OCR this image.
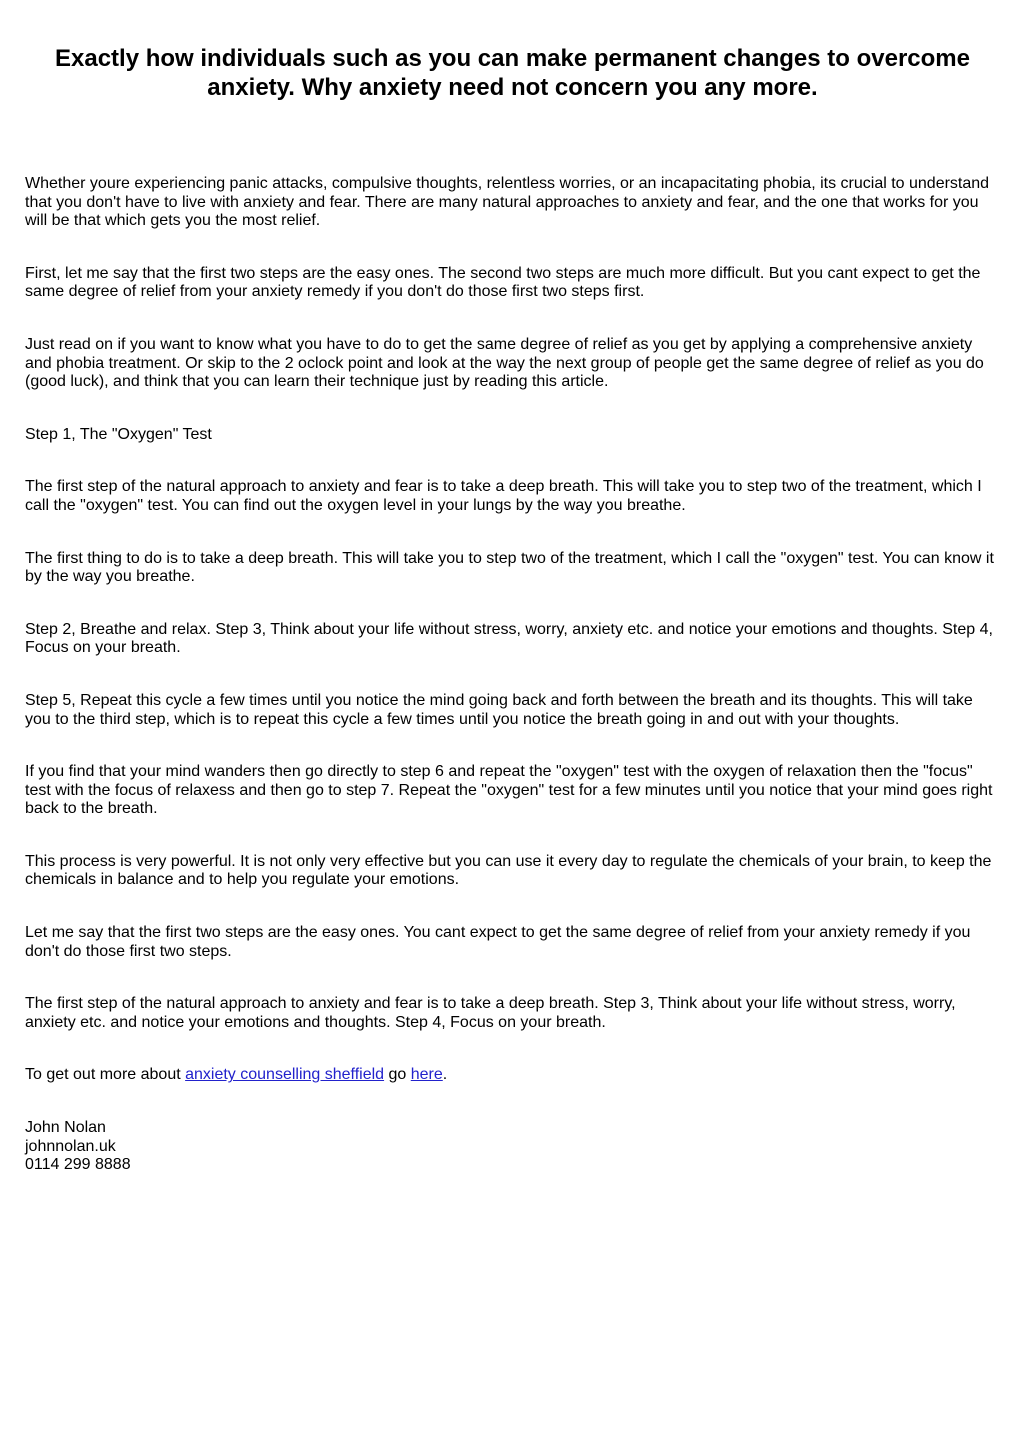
Exactly how individuals such as you can make permanent changes to overcome anxiety. Why anxiety need not concern you any more.

Whether youre experiencing panic attacks, compulsive thoughts, relentless worries, or an incapacitating phobia, its crucial to understand that you don't have to live with anxiety and fear. There are many natural approaches to anxiety and fear, and the one that works for you will be that which gets you the most relief.

First, let me say that the first two steps are the easy ones. The second two steps are much more difficult. But you cant expect to get the same degree of relief from your anxiety remedy if you don't do those first two steps first.

Just read on if you want to know what you have to do to get the same degree of relief as you get by applying a comprehensive anxiety and phobia treatment. Or skip to the 2 oclock point and look at the way the next group of people get the same degree of relief as you do (good luck), and think that you can learn their technique just by reading this article.

Step 1, The "Oxygen" Test

The first step of the natural approach to anxiety and fear is to take a deep breath. This will take you to step two of the treatment, which I call the "oxygen" test. You can find out the oxygen level in your lungs by the way you breathe.

The first thing to do is to take a deep breath. This will take you to step two of the treatment, which I call the "oxygen" test. You can know it by the way you breathe.

Step 2, Breathe and relax. Step 3, Think about your life without stress, worry, anxiety etc. and notice your emotions and thoughts. Step 4, Focus on your breath.

Step 5, Repeat this cycle a few times until you notice the mind going back and forth between the breath and its thoughts. This will take you to the third step, which is to repeat this cycle a few times until you notice the breath going in and out with your thoughts.

If you find that your mind wanders then go directly to step 6 and repeat the "oxygen" test with the oxygen of relaxation then the "focus" test with the focus of relaxess and then go to step 7. Repeat the "oxygen" test for a few minutes until you notice that your mind goes right back to the breath.

This process is very powerful. It is not only very effective but you can use it every day to regulate the chemicals of your brain, to keep the chemicals in balance and to help you regulate your emotions.

Let me say that the first two steps are the easy ones. You cant expect to get the same degree of relief from your anxiety remedy if you don't do those first two steps.

The first step of the natural approach to anxiety and fear is to take a deep breath. Step 3, Think about your life without stress, worry, anxiety etc. and notice your emotions and thoughts. Step 4, Focus on your breath.

To get out more about anxiety counselling sheffield go here.

John Nolan
johnnolan.uk
0114 299 8888
